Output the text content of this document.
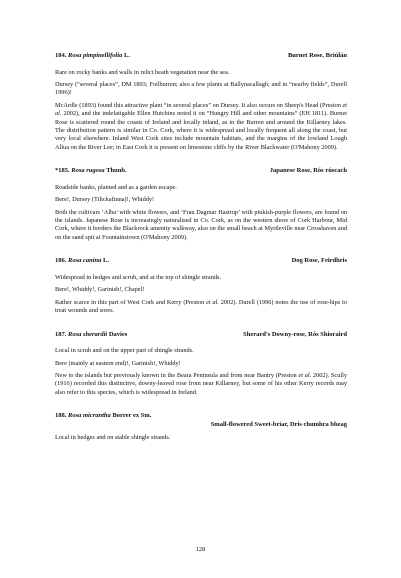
184. Rosa pimpinellifolia L.	Burnet Rose, Briúlán

Rare on rocky banks and walls in relict heath vegetation near the sea.

Dursey (“several places”, DM 1893; Foilburren; also a few plants at Ballynacallagh; and in “nearby fields”, Durell 1996)!

McArdle (1893) found this attractive plant “in several places” on Dursey. It also occurs on Sheep's Head (Preston et al. 2002), and the indefatigable Ellen Hutchins noted it on “Hungry Hill and other mountains” (EH 1811). Burnet Rose is scattered round the coasts of Ireland and locally inland, as in the Burren and around the Killarney lakes. The distribution pattern is similar in Co. Cork, where it is widespread and locally frequent all along the coast, but very local elsewhere. Inland West Cork sites include mountain habitats, and the margins of the lowland Lough Allua on the River Lee; in East Cork it is present on limestone cliffs by the River Blackwater (O'Mahony 2009).

*185. Rosa rugosa Thunb.	Japanese Rose, Rós rúscach

Roadside banks, planted and as a garden escape.

Bere!, Dursey (Tilickafinna)!, Whiddy!

Both the cultivars ‘Alba’ with white flowers, and ‘Frau Dagmar Hastrup’ with pinkish-purple flowers, are found on the islands. Japanese Rose is increasingly naturalised in Co. Cork, as on the western shore of Cork Harbour, Mid Cork, where it borders the Blackrock amenity walkway, also on the small beach at Myrtleville near Crosshaven and on the sand spit at Fountainstown (O'Mahony 2009).

186. Rosa canina L.	Dog Rose, Feirdhris

Widespread in hedges and scrub, and at the top of shingle strands.

Bere!, Whiddy!, Garinish!, Chapel!

Rather scarce in this part of West Cork and Kerry (Preston et al. 2002). Durell (1996) notes the use of rose-hips to treat wounds and sores.

187. Rosa sherardii Davies	Sherard's Downy-rose, Rós Shioraird

Local in scrub and on the upper part of shingle strands.

Bere (mainly at eastern end)!, Garinish!, Whiddy!

New to the islands but previously known in the Beara Peninsula and from near Bantry (Preston et al. 2002). Scully (1916) recorded this distinctive, downy-leaved rose from near Killarney, but some of his other Kerry records may also refer to this species, which is widespread in Ireland.

188. Rosa micrantha Borrer ex Sm.
Small-flowered Sweet-briar, Dris chumhra bheag

Local in hedges and on stable shingle strands.

128
